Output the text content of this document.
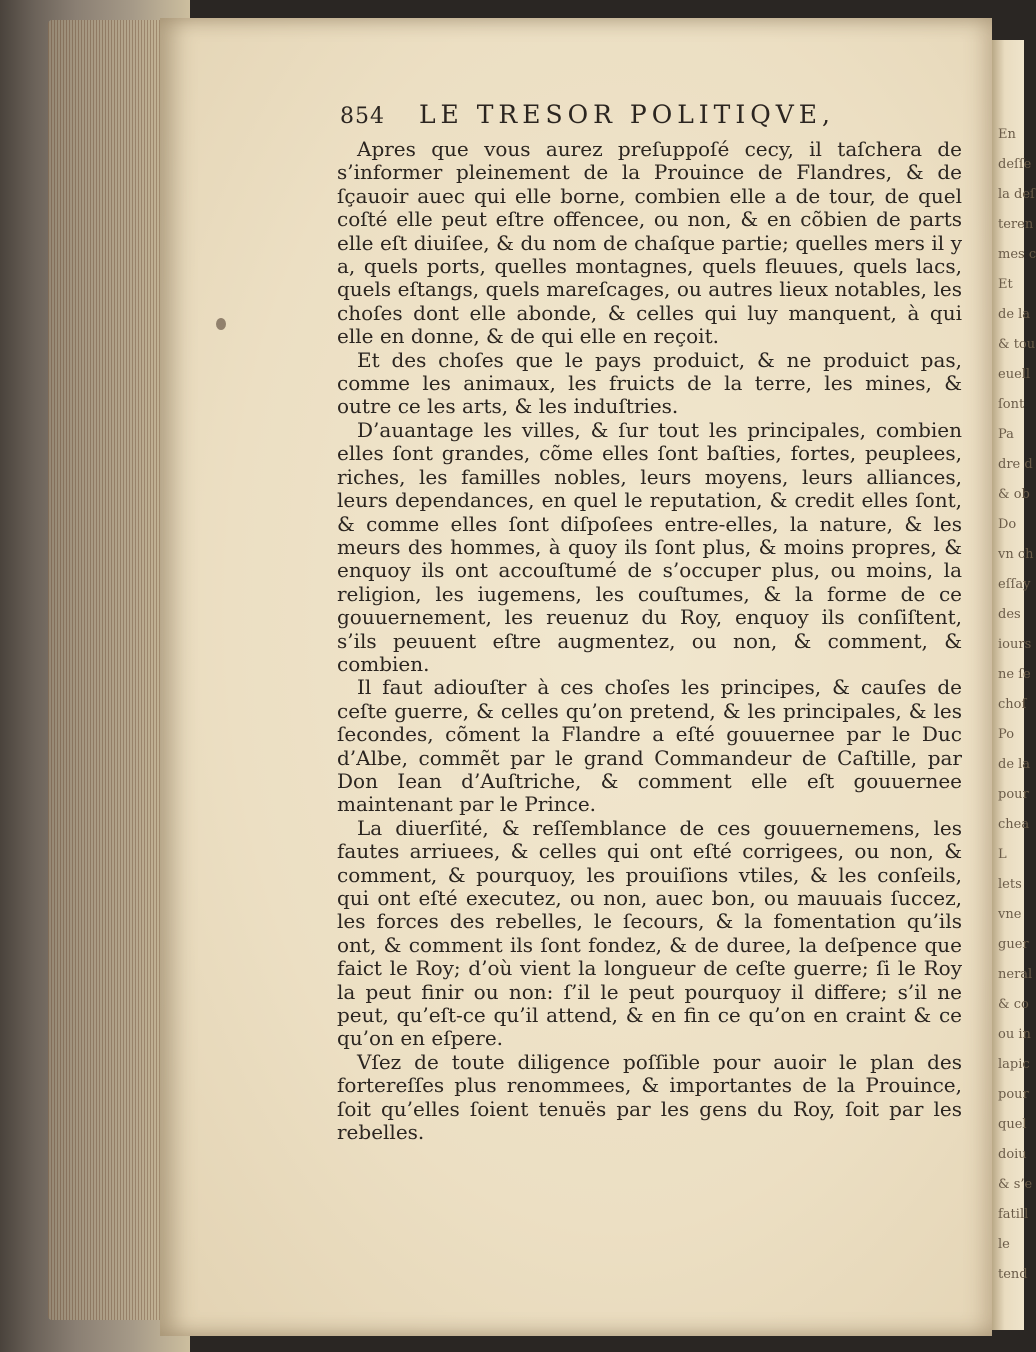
En
deſſe
la deſ
teren
mes c
Et
de la
& tou
euell
ſont
Pa
dre d
& ob
Do
vn ch
eſſay
des
iours
ne ſe
choſ
Po
de la
pour
chea
L
lets
vne
guer
neral
& co
ou in
lapic
pour
quel
doiu
& s’e
fatill
le
tend
854 LE TRESOR POLITIQVE,

Apres que vous aurez preſuppoſé cecy, il taſchera de s’informer pleinement de la Prouince de Flandres, & de ſçauoir auec qui elle borne, combien elle a de tour, de quel coſté elle peut eſtre offencee, ou non, & en cõbien de parts elle eſt diuiſee, & du nom de chaſque partie; quelles mers il y a, quels ports, quelles montagnes, quels fleuues, quels lacs, quels eſtangs, quels mareſcages, ou autres lieux notables, les choſes dont elle abonde, & celles qui luy manquent, à qui elle en donne, & de qui elle en reçoit.

Et des choſes que le pays produict, & ne produict pas, comme les animaux, les fruicts de la terre, les mines, & outre ce les arts, & les induſtries.

D’auantage les villes, & ſur tout les principales, combien elles ſont grandes, cõme elles ſont baſties, fortes, peuplees, riches, les familles nobles, leurs moyens, leurs alliances, leurs dependances, en quel le reputation, & credit elles ſont, & comme elles ſont diſpoſees entre-elles, la nature, & les meurs des hommes, à quoy ils ſont plus, & moins propres, & enquoy ils ont accouſtumé de s’occuper plus, ou moins, la religion, les iugemens, les couſtumes, & la forme de ce gouuernement, les reuenuz du Roy, enquoy ils conſiſtent, s’ils peuuent eſtre augmentez, ou non, & comment, & combien.

Il faut adiouſter à ces choſes les principes, & cauſes de ceſte guerre, & celles qu’on pretend, & les principales, & les ſecondes, cõment la Flandre a eſté gouuernee par le Duc d’Albe, commẽt par le grand Commandeur de Caſtille, par Don Iean d’Auſtriche, & comment elle eſt gouuernee maintenant par le Prince.

La diuerſité, & reſſemblance de ces gouuernemens, les fautes arriuees, & celles qui ont eſté corrigees, ou non, & comment, & pourquoy, les prouiſions vtiles, & les conſeils, qui ont eſté executez, ou non, auec bon, ou mauuais ſuccez, les forces des rebelles, le ſecours, & la fomentation qu’ils ont, & comment ils ſont fondez, & de duree, la deſpence que faict le Roy; d’où vient la longueur de ceſte guerre; ſi le Roy la peut finir ou non: ſ’il le peut pourquoy il differe; s’il ne peut, qu’eſt-ce qu’il attend, & en fin ce qu’on en craint & ce qu’on en eſpere.

Vſez de toute diligence poſſible pour auoir le plan des fortereſſes plus renommees, & importantes de la Prouince, ſoit qu’elles ſoient tenuës par les gens du Roy, ſoit par les rebelles.
